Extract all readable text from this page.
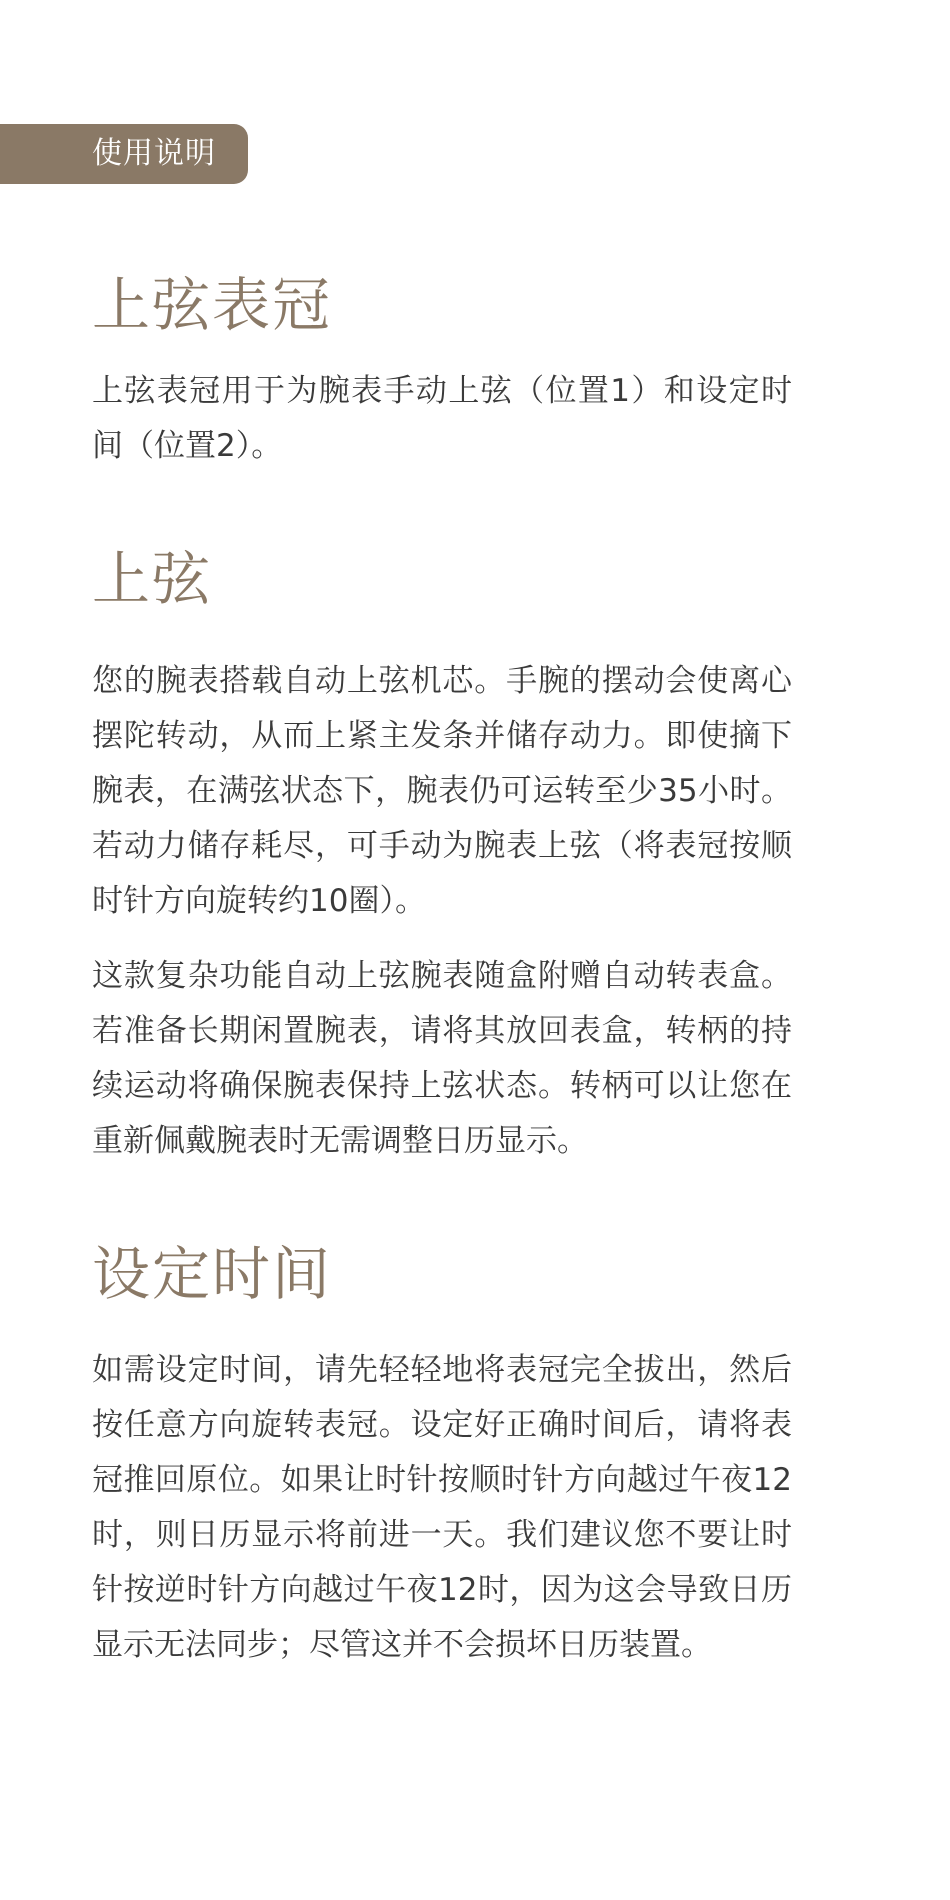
使用说明
上弦表冠

上弦表冠用于为腕表手动上弦（位置1）和设定时间（位置2）。

上弦

您的腕表搭载自动上弦机芯。手腕的摆动会使离心摆陀转动，从而上紧主发条并储存动力。即使摘下腕表，在满弦状态下，腕表仍可运转至少35小时。若动力储存耗尽，可手动为腕表上弦（将表冠按顺时针方向旋转约10圈）。

这款复杂功能自动上弦腕表随盒附赠自动转表盒。若准备长期闲置腕表，请将其放回表盒，转柄的持续运动将确保腕表保持上弦状态。转柄可以让您在重新佩戴腕表时无需调整日历显示。

设定时间

如需设定时间，请先轻轻地将表冠完全拔出，然后按任意方向旋转表冠。设定好正确时间后，请将表冠推回原位。如果让时针按顺时针方向越过午夜12时，则日历显示将前进一天。我们建议您不要让时针按逆时针方向越过午夜12时，因为这会导致日历显示无法同步；尽管这并不会损坏日历装置。
